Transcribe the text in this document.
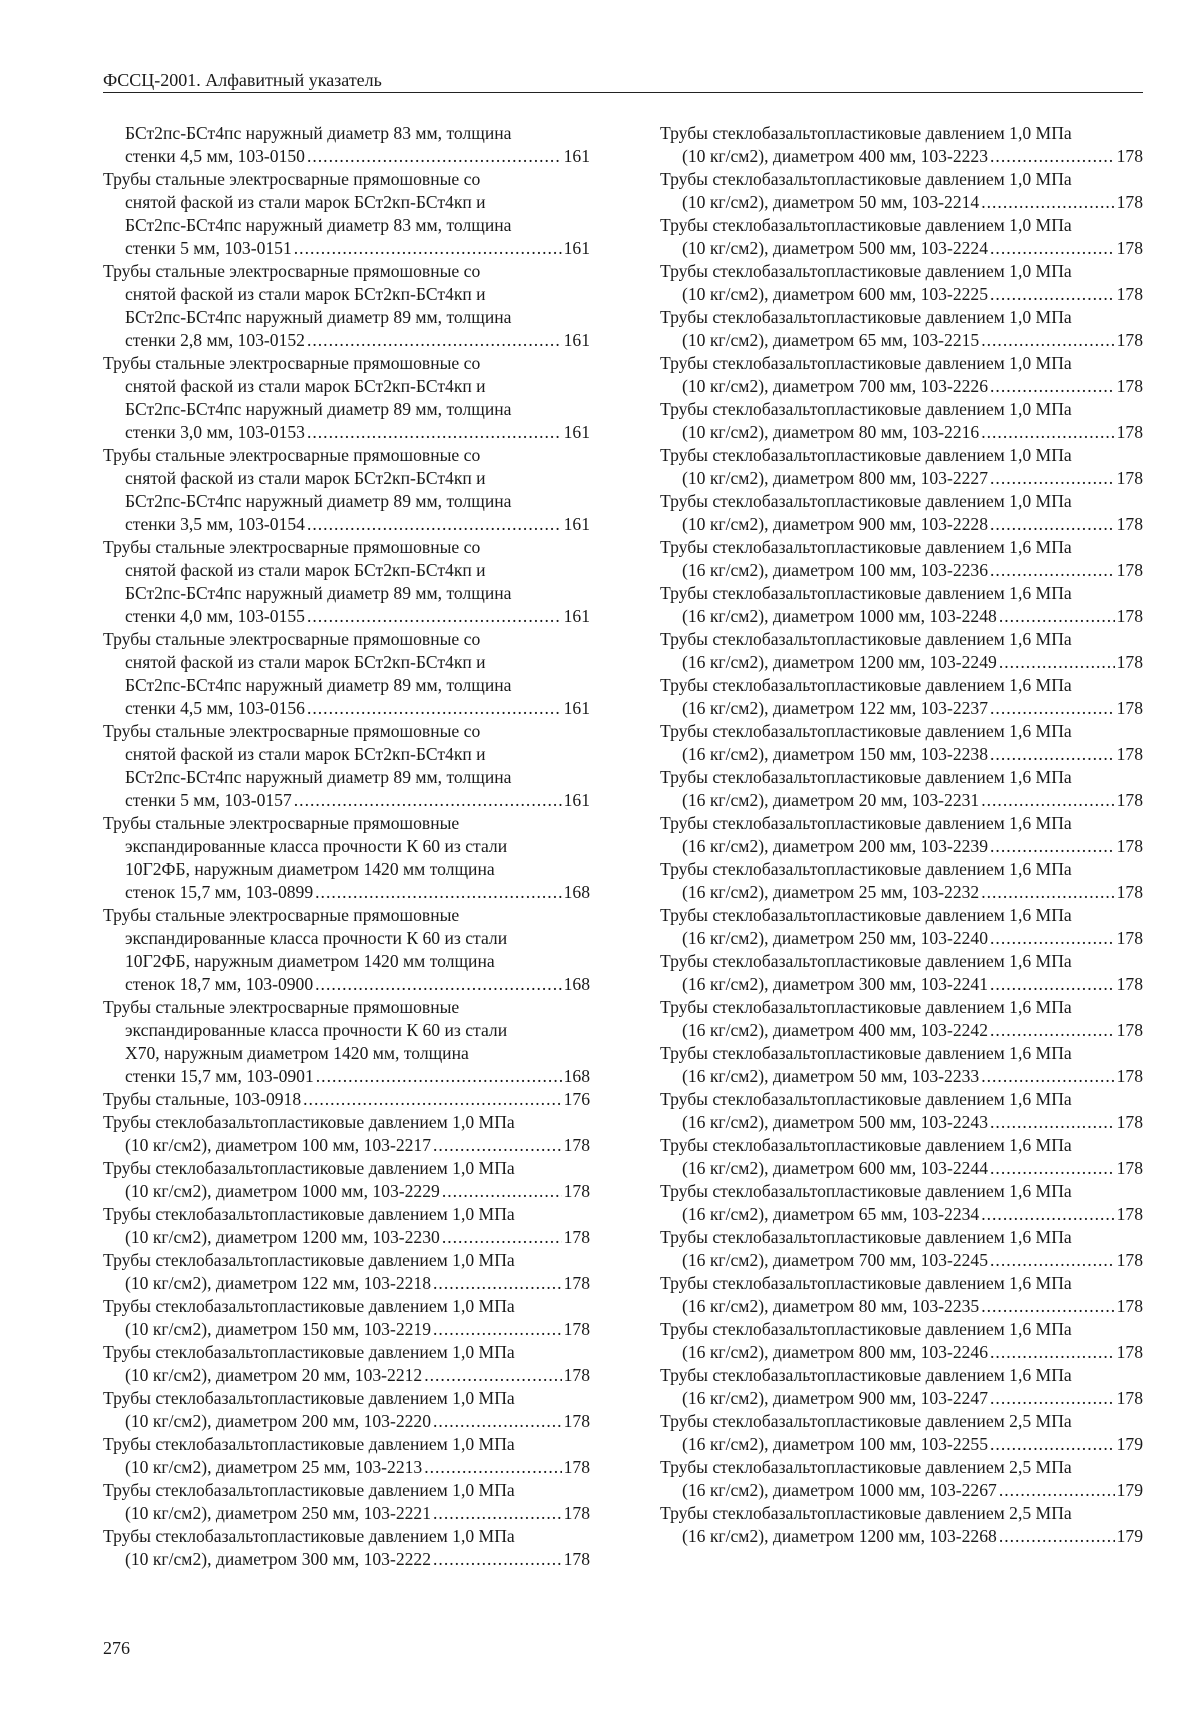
ФССЦ-2001. Алфавитный указатель
БСт2пс-БСт4пс наружный диаметр 83 мм, толщина
стенки 4,5 мм, 103-0150 .....	161
Трубы стальные электросварные прямошовные со
снятой фаской из стали марок БСт2кп-БСт4кп и
БСт2пс-БСт4пс наружный диаметр 83 мм, толщина
стенки 5 мм, 103-0151 .....	161
Трубы стальные электросварные прямошовные со
снятой фаской из стали марок БСт2кп-БСт4кп и
БСт2пс-БСт4пс наружный диаметр 89 мм, толщина
стенки 2,8 мм, 103-0152 .....	161
Трубы стальные электросварные прямошовные со
снятой фаской из стали марок БСт2кп-БСт4кп и
БСт2пс-БСт4пс наружный диаметр 89 мм, толщина
стенки 3,0 мм, 103-0153 .....	161
Трубы стальные электросварные прямошовные со
снятой фаской из стали марок БСт2кп-БСт4кп и
БСт2пс-БСт4пс наружный диаметр 89 мм, толщина
стенки 3,5 мм, 103-0154 .....	161
Трубы стальные электросварные прямошовные со
снятой фаской из стали марок БСт2кп-БСт4кп и
БСт2пс-БСт4пс наружный диаметр 89 мм, толщина
стенки 4,0 мм, 103-0155 .....	161
Трубы стальные электросварные прямошовные со
снятой фаской из стали марок БСт2кп-БСт4кп и
БСт2пс-БСт4пс наружный диаметр 89 мм, толщина
стенки 4,5 мм, 103-0156 .....	161
Трубы стальные электросварные прямошовные со
снятой фаской из стали марок БСт2кп-БСт4кп и
БСт2пс-БСт4пс наружный диаметр 89 мм, толщина
стенки 5 мм, 103-0157 .....	161
Трубы стальные электросварные прямошовные
экспандированные класса прочности К 60 из стали
10Г2ФБ, наружным диаметром 1420 мм толщина
стенок 15,7 мм, 103-0899 .....	168
Трубы стальные электросварные прямошовные
экспандированные класса прочности К 60 из стали
10Г2ФБ, наружным диаметром 1420 мм толщина
стенок 18,7 мм, 103-0900 .....	168
Трубы стальные электросварные прямошовные
экспандированные класса прочности К 60 из стали
Х70, наружным диаметром 1420 мм, толщина
стенки 15,7 мм, 103-0901 .....	168
Трубы стальные, 103-0918 .....	176
Трубы стеклобазальтопластиковые давлением 1,0 МПа
(10 кг/см2), диаметром 100 мм, 103-2217 .....	178
Трубы стеклобазальтопластиковые давлением 1,0 МПа
(10 кг/см2), диаметром 1000 мм, 103-2229 .....	178
Трубы стеклобазальтопластиковые давлением 1,0 МПа
(10 кг/см2), диаметром 1200 мм, 103-2230 .....	178
Трубы стеклобазальтопластиковые давлением 1,0 МПа
(10 кг/см2), диаметром 122 мм, 103-2218 .....	178
Трубы стеклобазальтопластиковые давлением 1,0 МПа
(10 кг/см2), диаметром 150 мм, 103-2219 .....	178
Трубы стеклобазальтопластиковые давлением 1,0 МПа
(10 кг/см2), диаметром 20 мм, 103-2212 .....	178
Трубы стеклобазальтопластиковые давлением 1,0 МПа
(10 кг/см2), диаметром 200 мм, 103-2220 .....	178
Трубы стеклобазальтопластиковые давлением 1,0 МПа
(10 кг/см2), диаметром 25 мм, 103-2213 .....	178
Трубы стеклобазальтопластиковые давлением 1,0 МПа
(10 кг/см2), диаметром 250 мм, 103-2221 .....	178
Трубы стеклобазальтопластиковые давлением 1,0 МПа
(10 кг/см2), диаметром 300 мм, 103-2222 .....	178
Трубы стеклобазальтопластиковые давлением 1,0 МПа
(10 кг/см2), диаметром 400 мм, 103-2223 .....	178
Трубы стеклобазальтопластиковые давлением 1,0 МПа
(10 кг/см2), диаметром 50 мм, 103-2214 .....	178
Трубы стеклобазальтопластиковые давлением 1,0 МПа
(10 кг/см2), диаметром 500 мм, 103-2224 .....	178
Трубы стеклобазальтопластиковые давлением 1,0 МПа
(10 кг/см2), диаметром 600 мм, 103-2225 .....	178
Трубы стеклобазальтопластиковые давлением 1,0 МПа
(10 кг/см2), диаметром 65 мм, 103-2215 .....	178
Трубы стеклобазальтопластиковые давлением 1,0 МПа
(10 кг/см2), диаметром 700 мм, 103-2226 .....	178
Трубы стеклобазальтопластиковые давлением 1,0 МПа
(10 кг/см2), диаметром 80 мм, 103-2216 .....	178
Трубы стеклобазальтопластиковые давлением 1,0 МПа
(10 кг/см2), диаметром 800 мм, 103-2227 .....	178
Трубы стеклобазальтопластиковые давлением 1,0 МПа
(10 кг/см2), диаметром 900 мм, 103-2228 .....	178
Трубы стеклобазальтопластиковые давлением 1,6 МПа
(16 кг/см2), диаметром 100 мм, 103-2236 .....	178
Трубы стеклобазальтопластиковые давлением 1,6 МПа
(16 кг/см2), диаметром 1000 мм, 103-2248 .....	178
Трубы стеклобазальтопластиковые давлением 1,6 МПа
(16 кг/см2), диаметром 1200 мм, 103-2249 .....	178
Трубы стеклобазальтопластиковые давлением 1,6 МПа
(16 кг/см2), диаметром 122 мм, 103-2237 .....	178
Трубы стеклобазальтопластиковые давлением 1,6 МПа
(16 кг/см2), диаметром 150 мм, 103-2238 .....	178
Трубы стеклобазальтопластиковые давлением 1,6 МПа
(16 кг/см2), диаметром 20 мм, 103-2231 .....	178
Трубы стеклобазальтопластиковые давлением 1,6 МПа
(16 кг/см2), диаметром 200 мм, 103-2239 .....	178
Трубы стеклобазальтопластиковые давлением 1,6 МПа
(16 кг/см2), диаметром 25 мм, 103-2232 .....	178
Трубы стеклобазальтопластиковые давлением 1,6 МПа
(16 кг/см2), диаметром 250 мм, 103-2240 .....	178
Трубы стеклобазальтопластиковые давлением 1,6 МПа
(16 кг/см2), диаметром 300 мм, 103-2241 .....	178
Трубы стеклобазальтопластиковые давлением 1,6 МПа
(16 кг/см2), диаметром 400 мм, 103-2242 .....	178
Трубы стеклобазальтопластиковые давлением 1,6 МПа
(16 кг/см2), диаметром 50 мм, 103-2233 .....	178
Трубы стеклобазальтопластиковые давлением 1,6 МПа
(16 кг/см2), диаметром 500 мм, 103-2243 .....	178
Трубы стеклобазальтопластиковые давлением 1,6 МПа
(16 кг/см2), диаметром 600 мм, 103-2244 .....	178
Трубы стеклобазальтопластиковые давлением 1,6 МПа
(16 кг/см2), диаметром 65 мм, 103-2234 .....	178
Трубы стеклобазальтопластиковые давлением 1,6 МПа
(16 кг/см2), диаметром 700 мм, 103-2245 .....	178
Трубы стеклобазальтопластиковые давлением 1,6 МПа
(16 кг/см2), диаметром 80 мм, 103-2235 .....	178
Трубы стеклобазальтопластиковые давлением 1,6 МПа
(16 кг/см2), диаметром 800 мм, 103-2246 .....	178
Трубы стеклобазальтопластиковые давлением 1,6 МПа
(16 кг/см2), диаметром 900 мм, 103-2247 .....	178
Трубы стеклобазальтопластиковые давлением 2,5 МПа
(16 кг/см2), диаметром 100 мм, 103-2255 .....	179
Трубы стеклобазальтопластиковые давлением 2,5 МПа
(16 кг/см2), диаметром 1000 мм, 103-2267 .....	179
Трубы стеклобазальтопластиковые давлением 2,5 МПа
(16 кг/см2), диаметром 1200 мм, 103-2268 .....	179
276
